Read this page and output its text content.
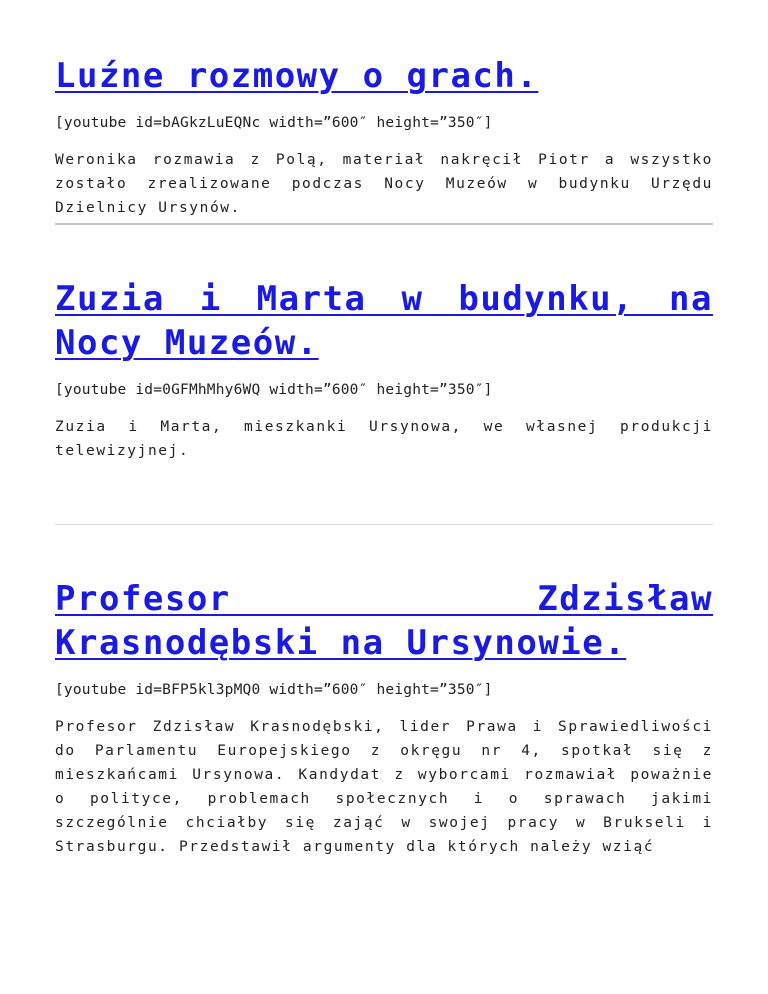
Luźne rozmowy o grach.

[youtube id=bAGkzLuEQNc width=”600″ height=”350″]

Weronika rozmawia z Polą, materiał nakręcił Piotr a wszystko zostało zrealizowane podczas Nocy Muzeów w budynku Urzędu Dzielnicy Ursynów.

Zuzia i Marta w budynku, na Nocy Muzeów.

[youtube id=0GFMhMhy6WQ width=”600″ height=”350″]

Zuzia i Marta, mieszkanki Ursynowa, we własnej produkcji telewizyjnej.

Profesor Zdzisław Krasnodębski na Ursynowie.

[youtube id=BFP5kl3pMQ0 width=”600″ height=”350″]

Profesor Zdzisław Krasnodębski, lider Prawa i Sprawiedliwości do Parlamentu Europejskiego z okręgu nr 4, spotkał się z mieszkańcami Ursynowa. Kandydat z wyborcami rozmawiał poważnie o polityce, problemach społecznych i o sprawach jakimi szczególnie chciałby się zająć w swojej pracy w Brukseli i Strasburgu. Przedstawił argumenty dla których należy wziąć
